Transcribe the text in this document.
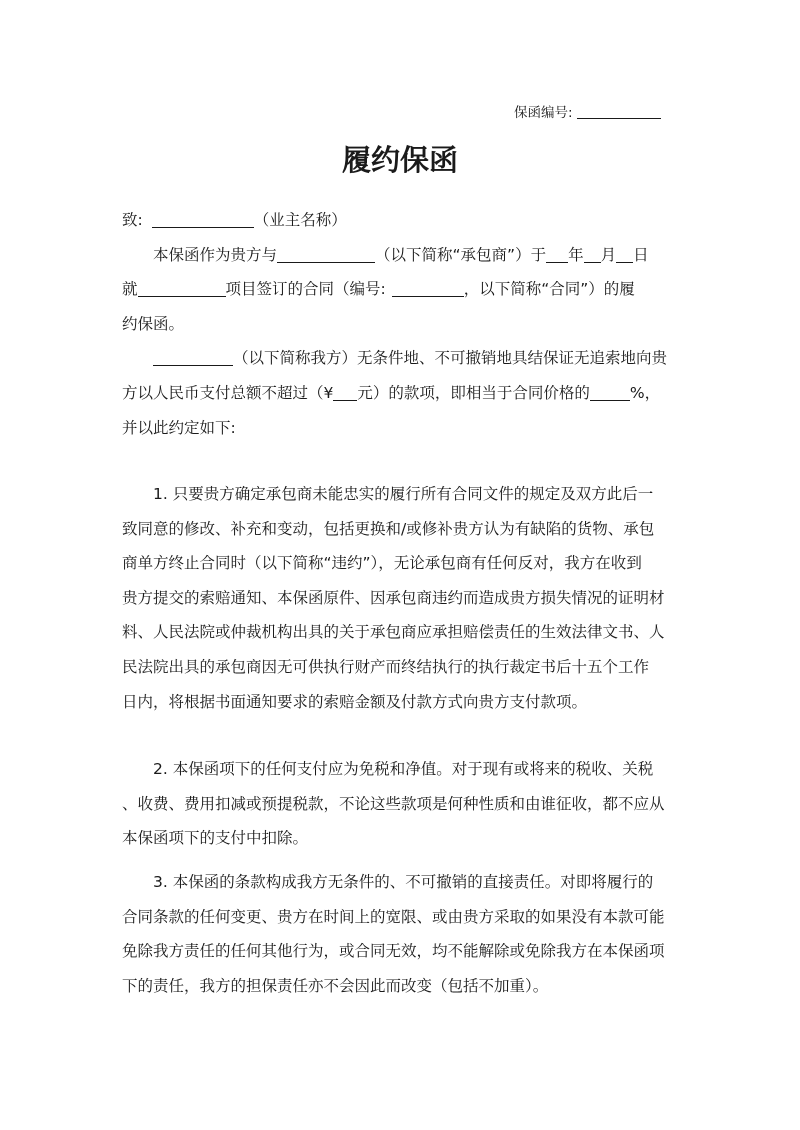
保函编号:
履约保函
致:	（业主名称）
本保函作为贵方与	（以下简称“承包商”）于 年 月 日
就	项目签订的合同（编号:	，以下简称“合同”）的履
约保函。
（以下简称我方）无条件地、不可撤销地具结保证无追索地向贵
方以人民币支付总额不超过（¥ 元）的款项，即相当于合同价格的	%，
并以此约定如下:
1. 只要贵方确定承包商未能忠实的履行所有合同文件的规定及双方此后一
致同意的修改、补充和变动，包括更换和/或修补贵方认为有缺陷的货物、承包
商单方终止合同时（以下简称“违约”），无论承包商有任何反对，我方在收到
贵方提交的索赔通知、本保函原件、因承包商违约而造成贵方损失情况的证明材
料、人民法院或仲裁机构出具的关于承包商应承担赔偿责任的生效法律文书、人
民法院出具的承包商因无可供执行财产而终结执行的执行裁定书后十五个工作
日内，将根据书面通知要求的索赔金额及付款方式向贵方支付款项。
2. 本保函项下的任何支付应为免税和净值。对于现有或将来的税收、关税
、收费、费用扣减或预提税款，不论这些款项是何种性质和由谁征收，都不应从
本保函项下的支付中扣除。
3. 本保函的条款构成我方无条件的、不可撤销的直接责任。对即将履行的
合同条款的任何变更、贵方在时间上的宽限、或由贵方采取的如果没有本款可能
免除我方责任的任何其他行为，或合同无效，均不能解除或免除我方在本保函项
下的责任，我方的担保责任亦不会因此而改变（包括不加重）。
